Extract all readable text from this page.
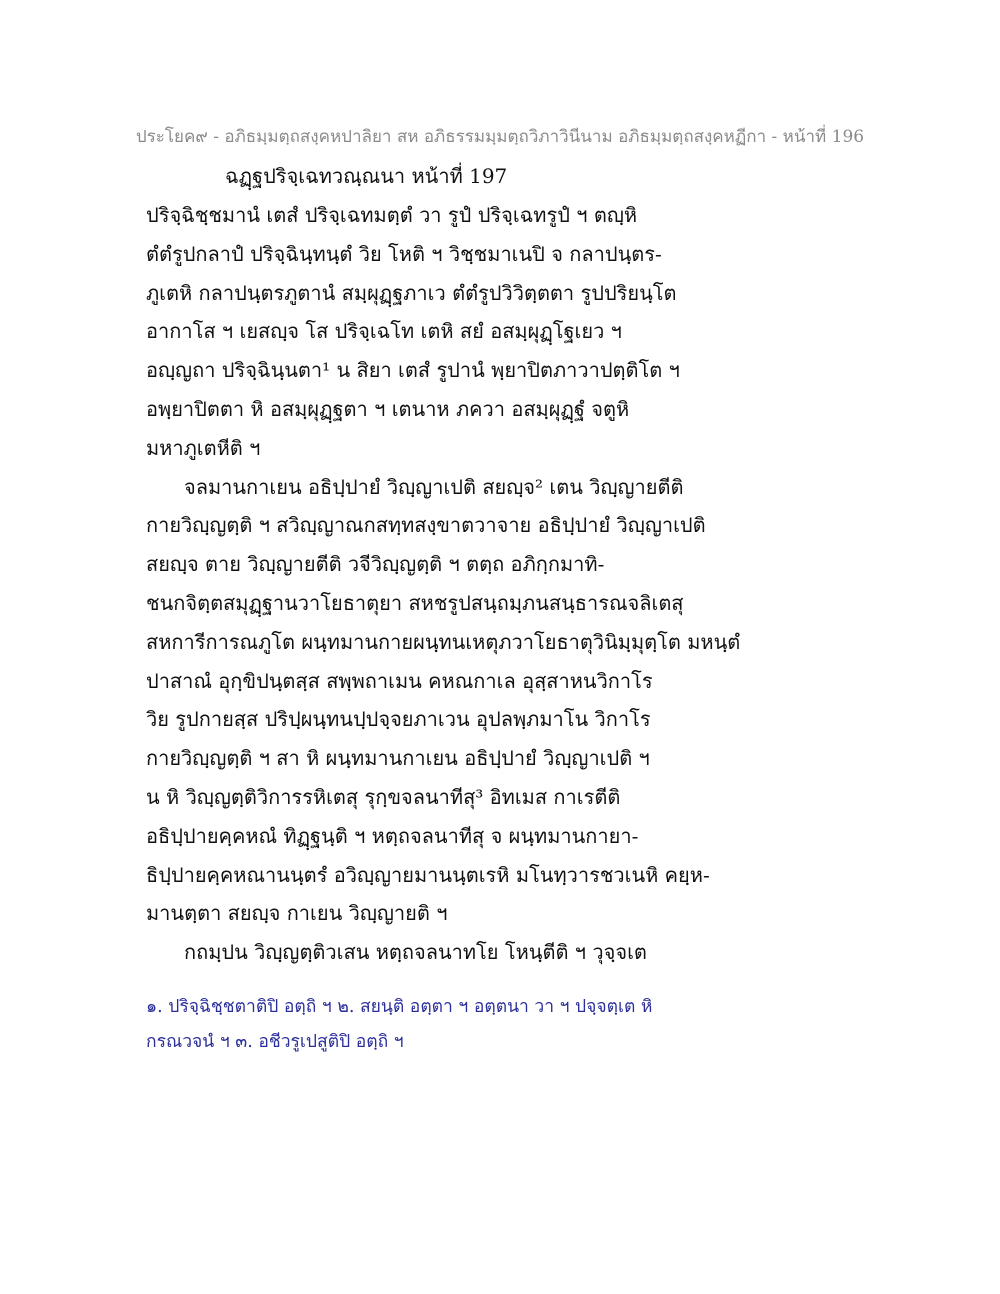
ประโยค๙ - อภิธมฺมตฺถสงฺคหปาลิยา สห อภิธรรมมฺมตฺถวิภาวินีนาม อภิธมฺมตฺถสงฺคหฏีกา - หน้าที่ 196
ฉฏฺฐปริจฺเฉทวณฺณนา หน้าที่ 197
ปริจฺฉิชฺชมานํ เตสํ ปริจฺเฉทมตฺตํ วา รูปํ ปริจฺเฉทรูปํ ฯ ตญฺหิ
ตํตํรูปกลาปํ ปริจฺฉินฺทนฺตํ วิย โหติ ฯ วิชฺชมาเนปิ จ กลาปนฺตร-
ภูเตหิ กลาปนฺตรภูตานํ สมฺผุฏฺฐภาเว ตํตํรูปวิวิตฺตตา รูปปริยนฺโต
อากาโส ฯ เยสญฺจ โส ปริจฺเฉโท เตหิ สยํ อสมฺผุฏฺโฐเยว ฯ
อญฺญถา ปริจฺฉินฺนตา¹ น สิยา เตสํ รูปานํ พฺยาปิตภาวาปตฺติโต ฯ
อพฺยาปิตตา หิ อสมฺผุฏฺฐตา ฯ เตนาห ภควา อสมฺผุฏฺฐํ จตูหิ
มหาภูเตหีติ ฯ
จลมานกาเยน อธิปฺปายํ วิญฺญาเปติ สยญฺจ² เตน วิญฺญายตีติ
กายวิญฺญตฺติ ฯ สวิญฺญาณกสทฺทสงฺขาตวาจาย อธิปฺปายํ วิญฺญาเปติ
สยญฺจ ตาย วิญฺญายตีติ วจีวิญฺญตฺติ ฯ ตตฺถ อภิกฺกมาทิ-
ชนกจิตฺตสมุฏฺฐานวาโยธาตุยา สหชรูปสนฺถมฺภนสนฺธารณจลิเตสุ
สหการีการณภูโต ผนฺทมานกายผนฺทนเหตุภวาโยธาตุวินิมฺมุตฺโต มหนฺตํ
ปาสาณํ อุกฺขิปนฺตสฺส สพฺพถาเมน คหณกาเล อุสฺสาหนวิกาโร
วิย รูปกายสฺส ปริปฺผนฺทนปฺปจฺจยภาเวน อุปลพฺภมาโน วิกาโร
กายวิญฺญตฺติ ฯ สา หิ ผนฺทมานกาเยน อธิปฺปายํ วิญฺญาเปติ ฯ
น หิ วิญฺญตฺติวิการรหิเตสุ รุกฺขจลนาทีสุ³ อิทเมส กาเรตีติ
อธิปฺปายคฺคหณํ ทิฏฺฐนฺติ ฯ หตฺถจลนาทีสุ จ ผนฺทมานกายา-
ธิปฺปายคฺคหณานนฺตรํ อวิญฺญายมานนฺตเรหิ มโนทฺวารชวเนหิ คยฺห-
มานตฺตา สยญฺจ กาเยน วิญฺญายติ ฯ
กถมฺปน วิญฺญตฺติวเสน หตฺถจลนาทโย โหนฺตีติ ฯ วุจฺจเต
๑. ปริจฺฉิชฺชตาติปิ อตฺถิ ฯ ๒. สยนฺติ อตฺตา ฯ อตฺตนา วา ฯ ปจฺจตฺเต หิ
กรณวจนํ ฯ ๓. อชีวรูเปสูติปิ อตฺถิ ฯ
